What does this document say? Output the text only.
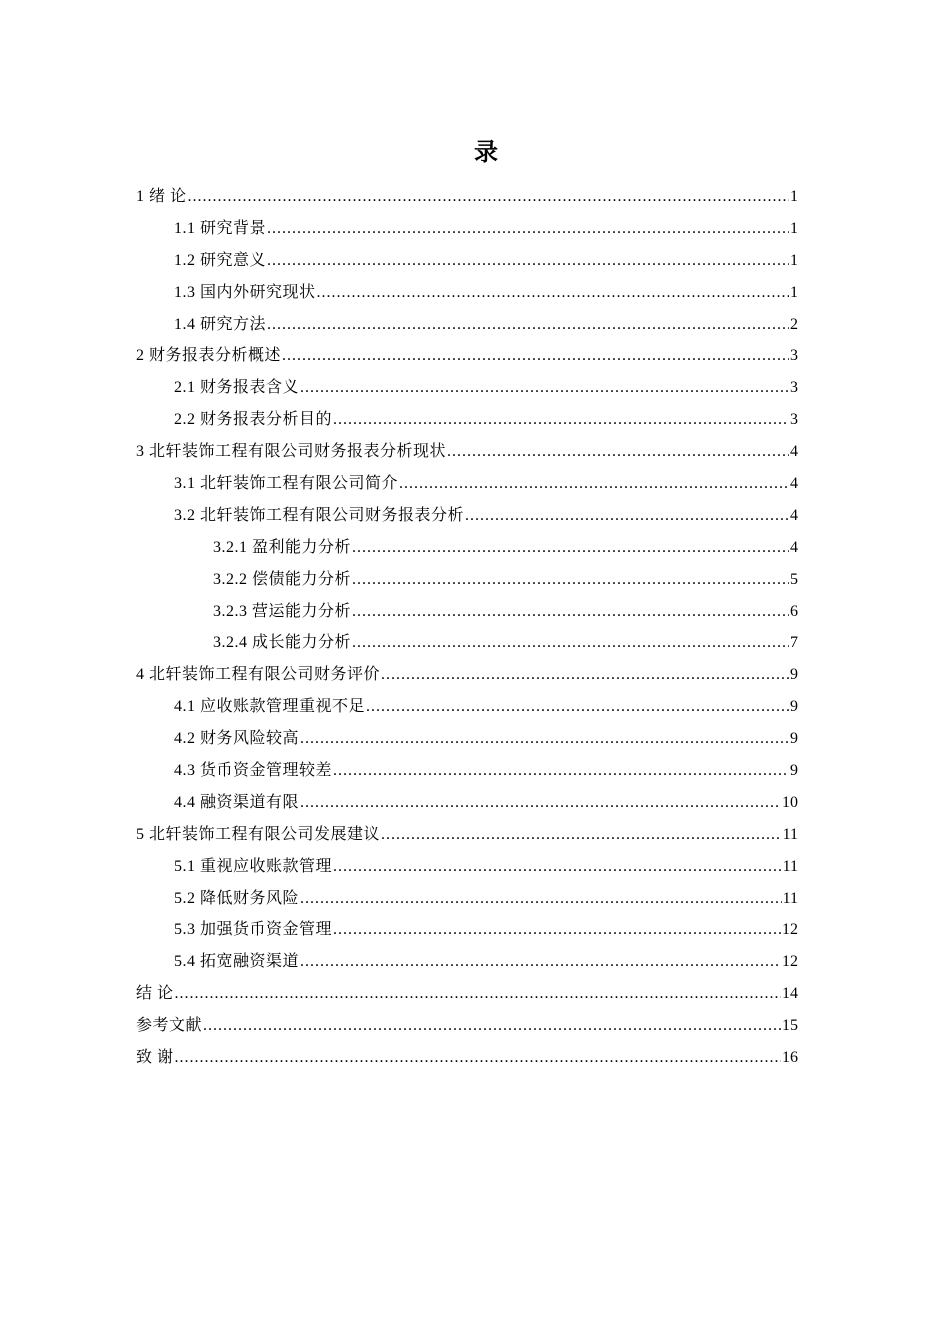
录
1 绪 论 .....	1
1.1 研究背景 .....	1
1.2 研究意义 .....	1
1.3 国内外研究现状 .....	1
1.4 研究方法 .....	2
2 财务报表分析概述 .....	3
2.1 财务报表含义 .....	3
2.2 财务报表分析目的 .....	3
3 北轩装饰工程有限公司财务报表分析现状 .....	4
3.1 北轩装饰工程有限公司简介 .....	4
3.2 北轩装饰工程有限公司财务报表分析 .....	4
3.2.1 盈利能力分析 .....	4
3.2.2 偿债能力分析 .....	5
3.2.3 营运能力分析 .....	6
3.2.4 成长能力分析 .....	7
4 北轩装饰工程有限公司财务评价 .....	9
4.1 应收账款管理重视不足 .....	9
4.2 财务风险较高 .....	9
4.3 货币资金管理较差 .....	9
4.4 融资渠道有限 .....	10
5 北轩装饰工程有限公司发展建议 .....	11
5.1 重视应收账款管理 .....	11
5.2 降低财务风险 .....	11
5.3 加强货币资金管理 .....	12
5.4 拓宽融资渠道 .....	12
结 论 .....	14
参考文献 .....	15
致 谢 .....	16
